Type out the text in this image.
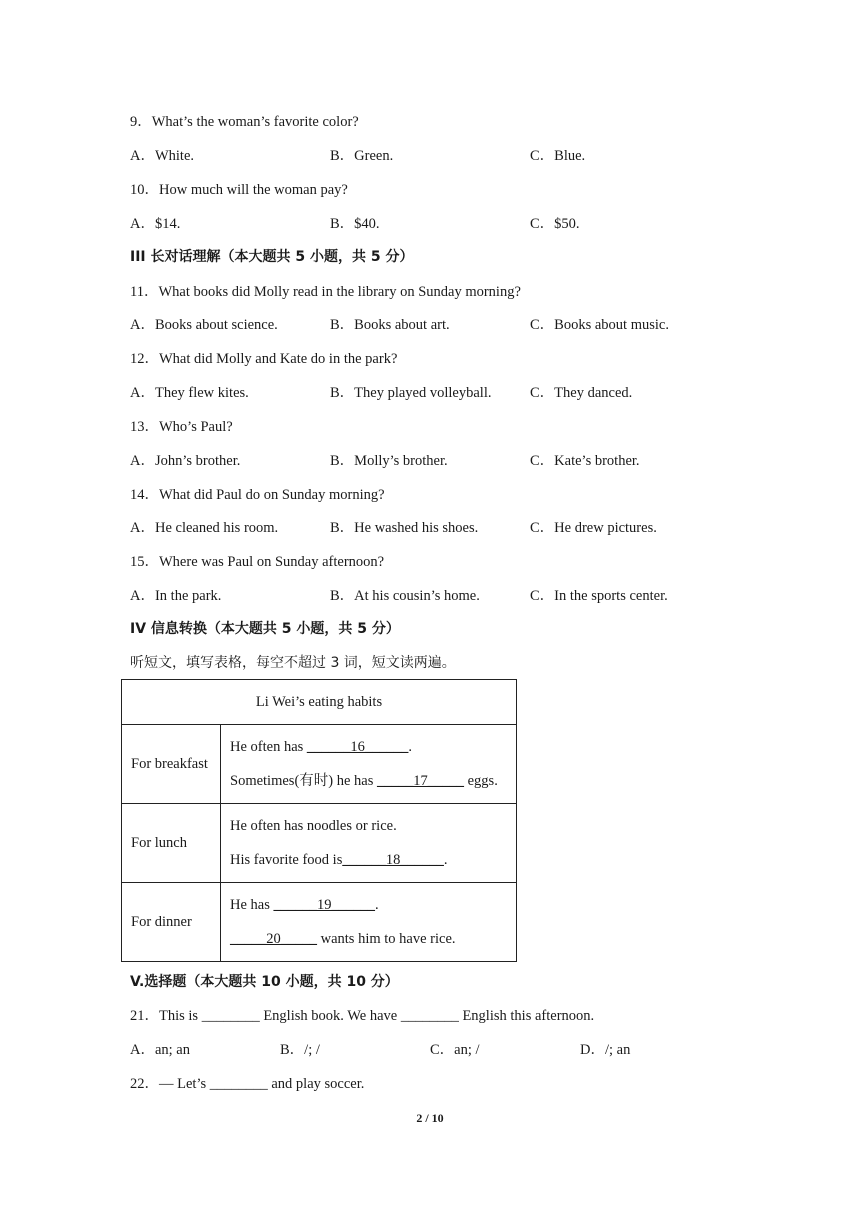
9．What’s the woman’s favorite color?
A．White.	B．Green.	C．Blue.
10．How much will the woman pay?
A．$14.	B．$40.	C．$50.
III 长对话理解（本大题共 5 小题，共 5 分）
11．What books did Molly read in the library on Sunday morning?
A．Books about science.	B．Books about art.	C．Books about music.
12．What did Molly and Kate do in the park?
A．They flew kites.	B．They played volleyball.	C．They danced.
13．Who’s Paul?
A．John’s brother.	B．Molly’s brother.	C．Kate’s brother.
14．What did Paul do on Sunday morning?
A．He cleaned his room.	B．He washed his shoes.	C．He drew pictures.
15．Where was Paul on Sunday afternoon?
A．In the park.	B．At his cousin’s home.	C．In the sports center.
IV 信息转换（本大题共 5 小题，共 5 分）
听短文，填写表格，每空不超过 3 词，短文读两遍。
Li Wei’s eating habits	
For breakfast	He often has ______16______.
Sometimes(有时) he has _____17_____ eggs.

For lunch	He often has noodles or rice.
His favorite food is______18______.

For dinner	He has ______19______.
_____20_____ wants him to have rice.
V.选择题（本大题共 10 小题，共 10 分）
21．This is ________ English book. We have ________ English this afternoon.
A．an; an	B．/; /	C．an; /	D．/; an
22．— Let’s ________ and play soccer.
2 / 10
